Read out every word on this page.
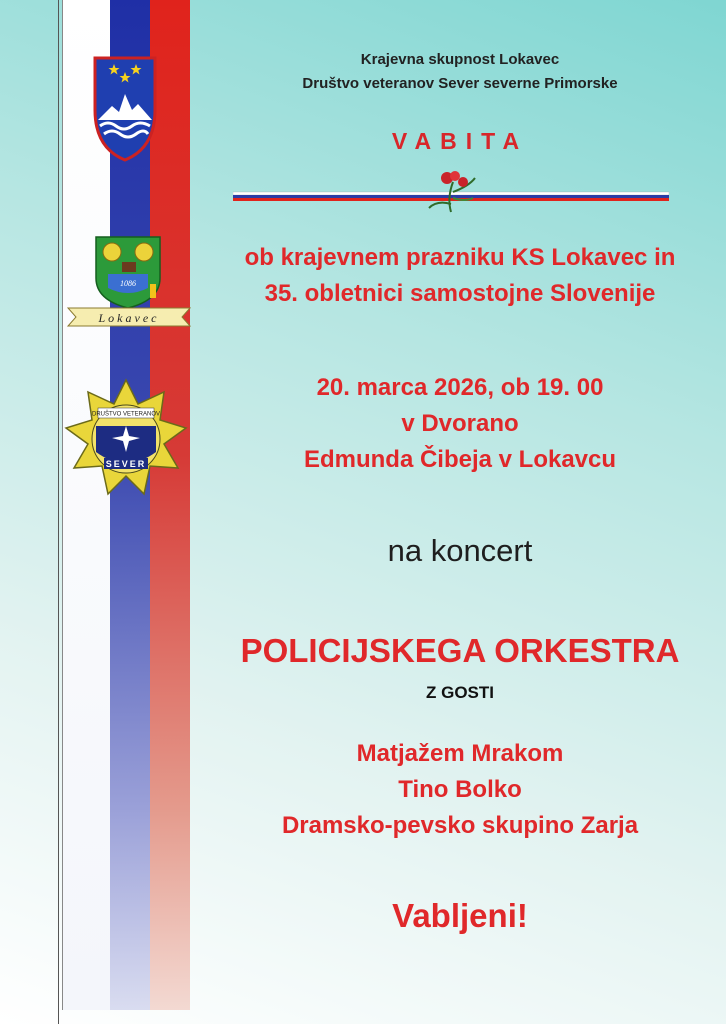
1086
Lokavec
DRUŠTVO VETERANOV
SEVER
Krajevna skupnost Lokavec
Društvo veteranov Sever severne Primorske
VABITA
ob krajevnem prazniku KS Lokavec in
35. obletnici samostojne Slovenije
20. marca 2026, ob 19. 00
v Dvorano
Edmunda Čibeja v Lokavcu
na koncert
POLICIJSKEGA ORKESTRA
Z GOSTI
Matjažem Mrakom
Tino Bolko
Dramsko-pevsko skupino Zarja
Vabljeni!
